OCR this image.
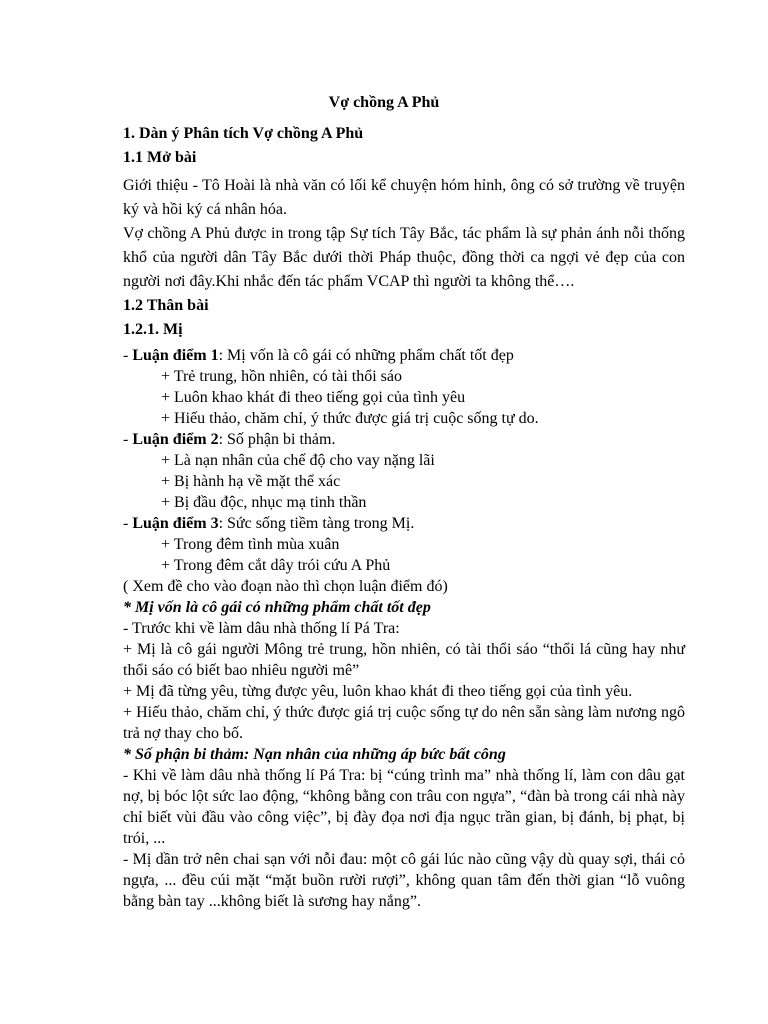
Vợ chồng A Phủ

1. Dàn ý Phân tích Vợ chồng A Phủ

1.1 Mở bài

Giới thiệu - Tô Hoài là nhà văn có lối kể chuyện hóm hỉnh, ông có sở trường về truyện ký và hồi ký cá nhân hóa.

Vợ chồng A Phủ được in trong tập Sự tích Tây Bắc, tác phẩm là sự phản ánh nỗi thống khổ của người dân Tây Bắc dưới thời Pháp thuộc, đồng thời ca ngợi vẻ đẹp của con người nơi đây.Khi nhắc đến tác phẩm VCAP thì người ta không thể….

1.2 Thân bài

1.2.1. Mị

- Luận điểm 1: Mị vốn là cô gái có những phẩm chất tốt đẹp

+ Trẻ trung, hồn nhiên, có tài thổi sáo

+ Luôn khao khát đi theo tiếng gọi của tình yêu

+ Hiếu thảo, chăm chỉ, ý thức được giá trị cuộc sống tự do.

- Luận điểm 2: Số phận bi thảm.

+ Là nạn nhân của chế độ cho vay nặng lãi

+ Bị hành hạ về mặt thể xác

+ Bị đầu độc, nhục mạ tinh thần

- Luận điểm 3: Sức sống tiềm tàng trong Mị.

+ Trong đêm tình mùa xuân

+ Trong đêm cắt dây trói cứu A Phủ

( Xem đề cho vào đoạn nào thì chọn luận điểm đó)

* Mị vốn là cô gái có những phẩm chất tốt đẹp

- Trước khi về làm dâu nhà thống lí Pá Tra:

+ Mị là cô gái người Mông trẻ trung, hồn nhiên, có tài thổi sáo “thổi lá cũng hay như thổi sáo có biết bao nhiêu người mê”

+ Mị đã từng yêu, từng được yêu, luôn khao khát đi theo tiếng gọi của tình yêu.

+ Hiếu thảo, chăm chỉ, ý thức được giá trị cuộc sống tự do nên sẵn sàng làm nương ngô trả nợ thay cho bố.

* Số phận bi thảm: Nạn nhân của những áp bức bất công

- Khi về làm dâu nhà thống lí Pá Tra: bị “cúng trình ma” nhà thống lí, làm con dâu gạt nợ, bị bóc lột sức lao động, “không bằng con trâu con ngựa”, “đàn bà trong cái nhà này chỉ biết vùi đầu vào công việc”, bị đày đọa nơi địa ngục trần gian, bị đánh, bị phạt, bị trói, ...

- Mị dần trở nên chai sạn với nỗi đau: một cô gái lúc nào cũng vậy dù quay sợi, thái cỏ ngựa, ... đều cúi mặt “mặt buồn rười rượi”, không quan tâm đến thời gian “lỗ vuông bằng bàn tay ...không biết là sương hay nắng”.
